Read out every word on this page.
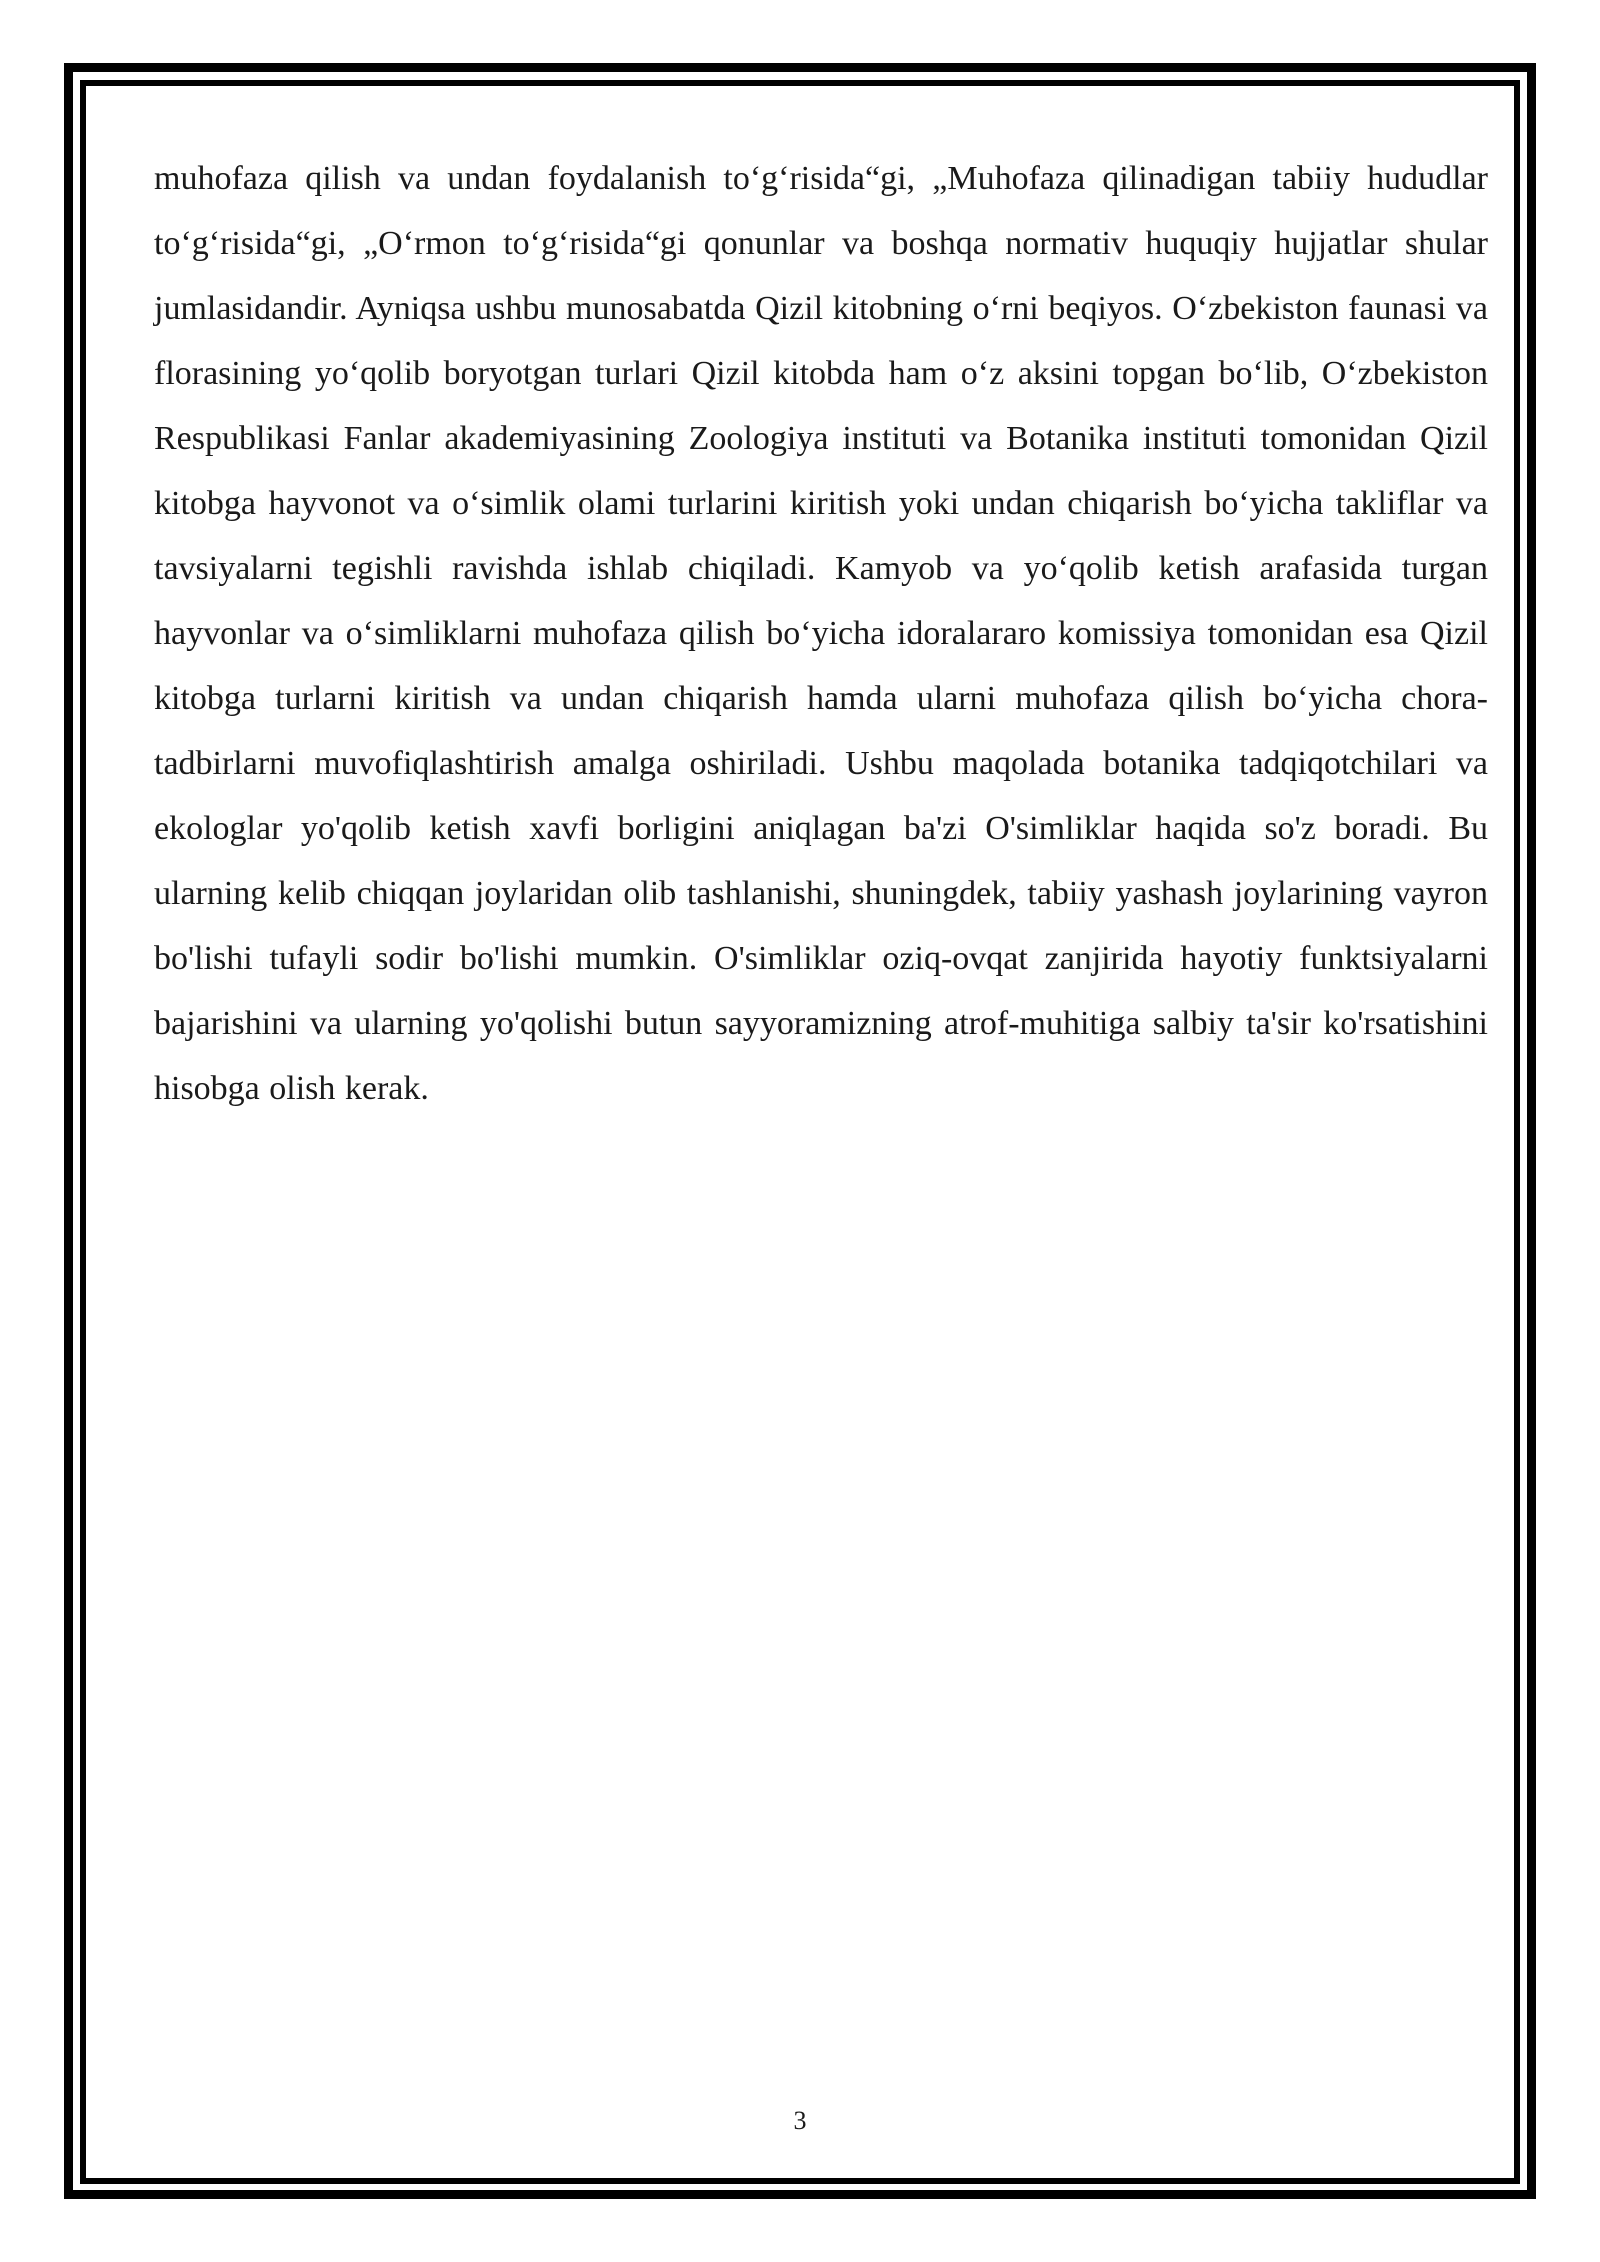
muhofaza qilish va undan foydalanish to‘g‘risida“gi, „Muhofaza qilinadigan tabiiy hududlar to‘g‘risida“gi, „O‘rmon to‘g‘risida“gi qonunlar va boshqa normativ huquqiy hujjatlar shular jumlasidandir. Ayniqsa ushbu munosabatda Qizil kitobning o‘rni beqiyos. O‘zbekiston faunasi va florasining yo‘qolib boryotgan turlari Qizil kitobda ham o‘z aksini topgan bo‘lib, O‘zbekiston Respublikasi Fanlar akademiyasining Zoologiya instituti va Botanika instituti tomonidan Qizil kitobga hayvonot va o‘simlik olami turlarini kiritish yoki undan chiqarish bo‘yicha takliflar va tavsiyalarni tegishli ravishda ishlab chiqiladi. Kamyob va yo‘qolib ketish arafasida turgan hayvonlar va o‘simliklarni muhofaza qilish bo‘yicha idoralararo komissiya tomonidan esa Qizil kitobga turlarni kiritish va undan chiqarish hamda ularni muhofaza qilish bo‘yicha chora-tadbirlarni muvofiqlashtirish amalga oshiriladi. Ushbu maqolada botanika tadqiqotchilari va ekologlar yo'qolib ketish xavfi borligini aniqlagan ba'zi O'simliklar haqida so'z boradi. Bu ularning kelib chiqqan joylaridan olib tashlanishi, shuningdek, tabiiy yashash joylarining vayron bo'lishi tufayli sodir bo'lishi mumkin. O'simliklar oziq-ovqat zanjirida hayotiy funktsiyalarni bajarishini va ularning yo'qolishi butun sayyoramizning atrof-muhitiga salbiy ta'sir ko'rsatishini hisobga olish kerak.

3
